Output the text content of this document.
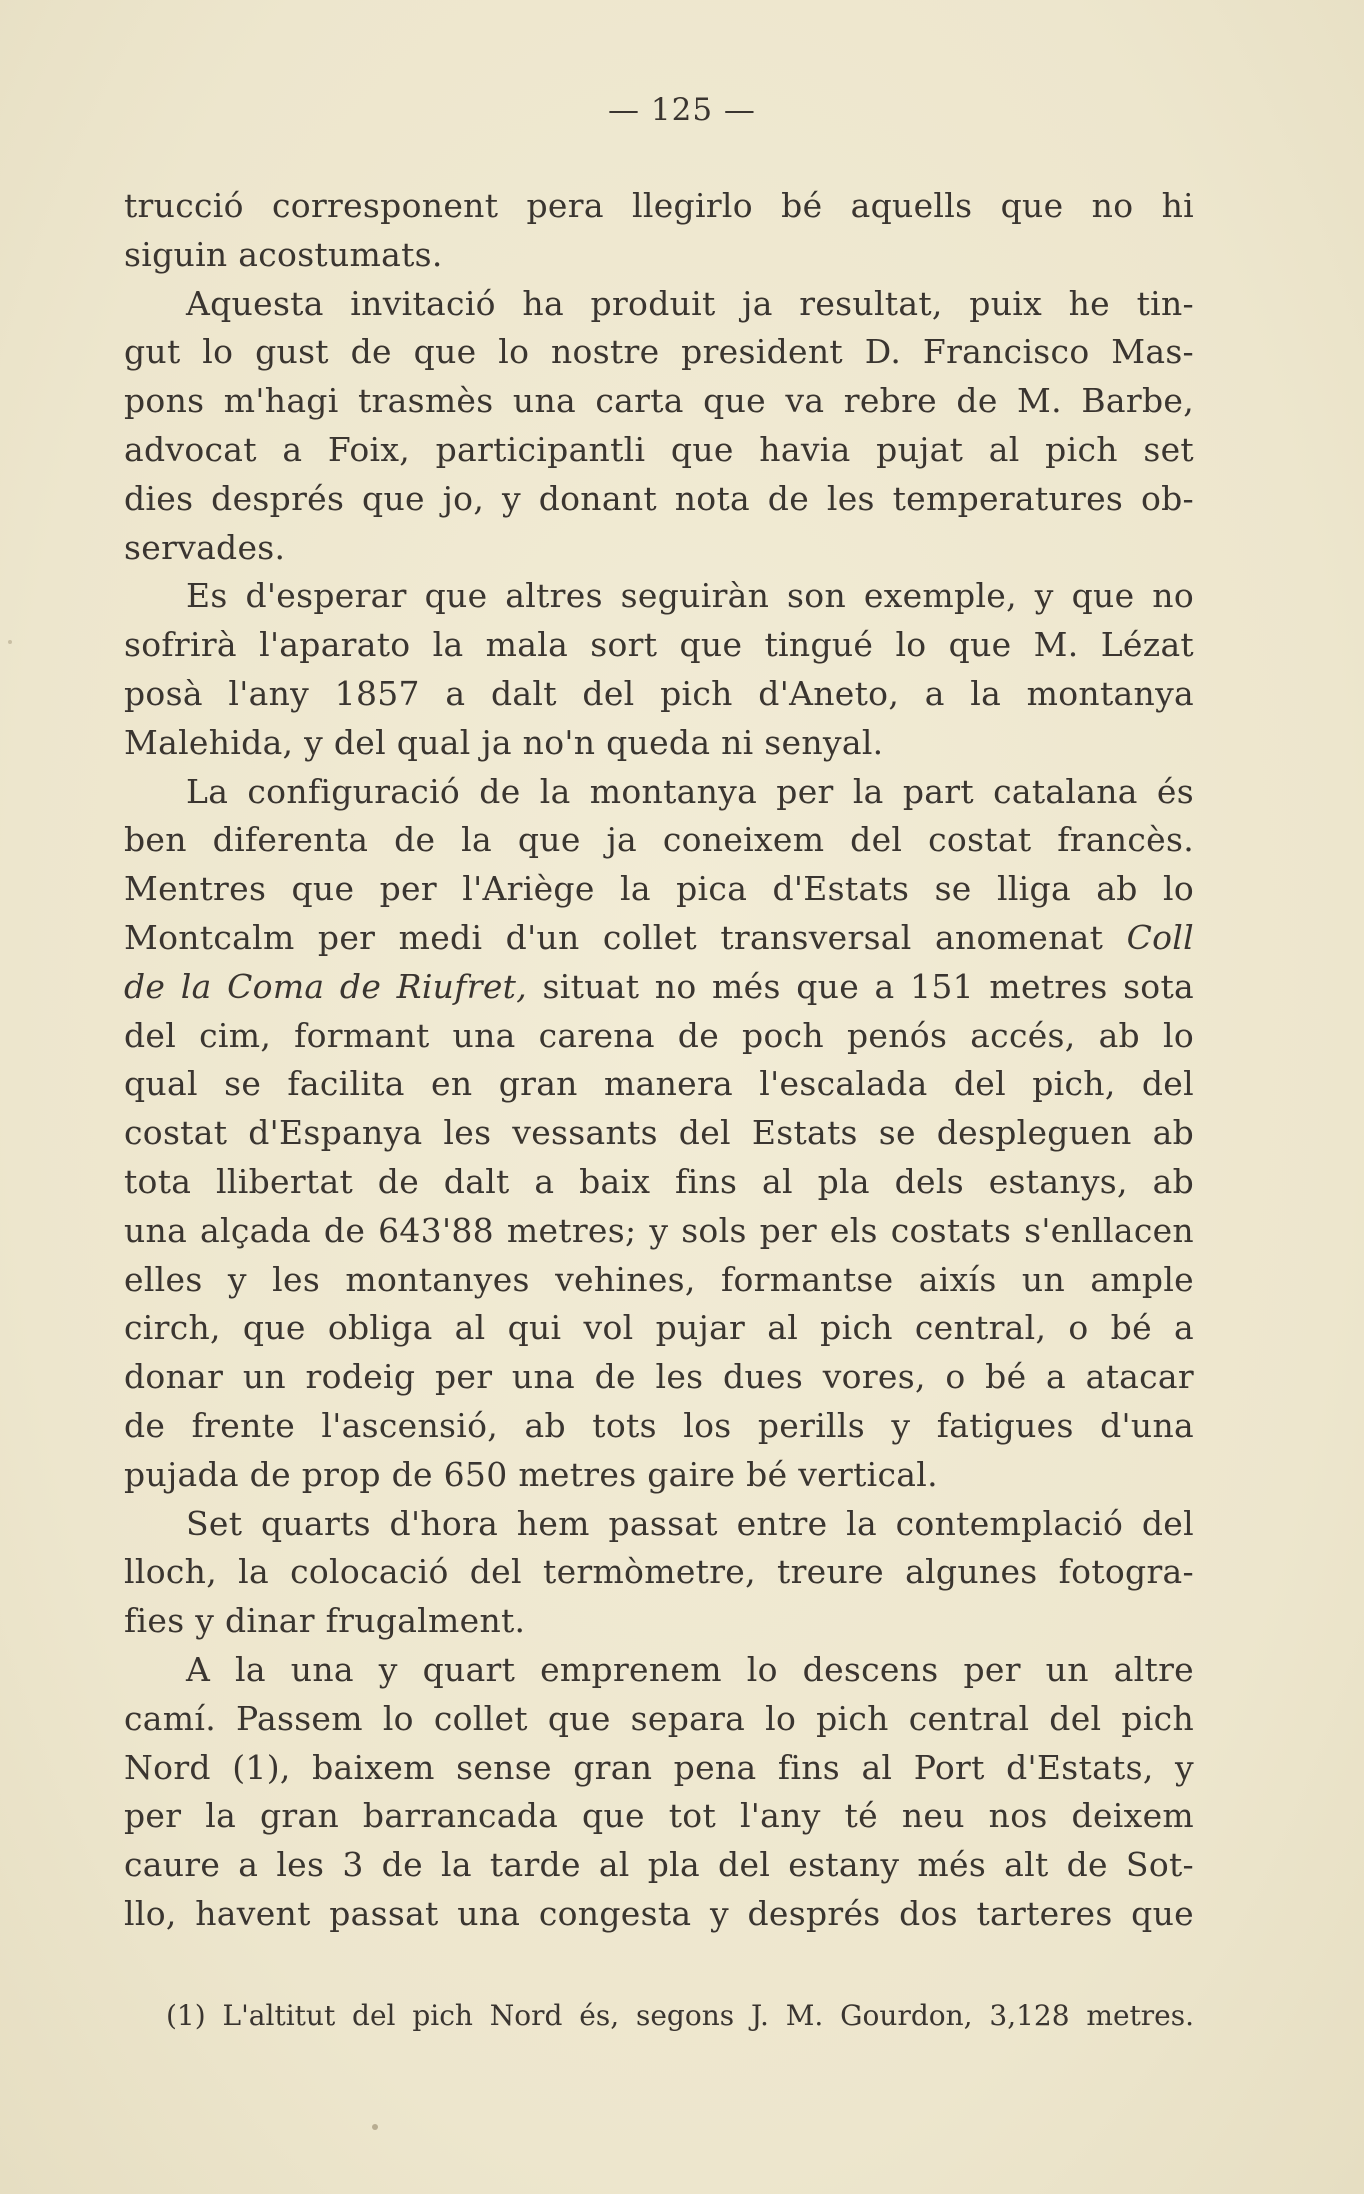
— 125 —
trucció corresponent pera llegirlo bé aquells que no hi
siguin acostumats.
Aquesta invitació ha produit ja resultat, puix he tin-
gut lo gust de que lo nostre president D. Francisco Mas-
pons m'hagi trasmès una carta que va rebre de M. Barbe,
advocat a Foix, participantli que havia pujat al pich set
dies després que jo, y donant nota de les temperatures ob-
servades.
Es d'esperar que altres seguiràn son exemple, y que no
sofrirà l'aparato la mala sort que tingué lo que M. Lézat
posà l'any 1857 a dalt del pich d'Aneto, a la montanya
Malehida, y del qual ja no'n queda ni senyal.
La configuració de la montanya per la part catalana és
ben diferenta de la que ja coneixem del costat francès.
Mentres que per l'Ariège la pica d'Estats se lliga ab lo
Montcalm per medi d'un collet transversal anomenat Coll
de la Coma de Riufret, situat no més que a 151 metres sota
del cim, formant una carena de poch penós accés, ab lo
qual se facilita en gran manera l'escalada del pich, del
costat d'Espanya les vessants del Estats se despleguen ab
tota llibertat de dalt a baix fins al pla dels estanys, ab
una alçada de 643'88 metres; y sols per els costats s'enllacen
elles y les montanyes vehines, formantse aixís un ample
circh, que obliga al qui vol pujar al pich central, o bé a
donar un rodeig per una de les dues vores, o bé a atacar
de frente l'ascensió, ab tots los perills y fatigues d'una
pujada de prop de 650 metres gaire bé vertical.
Set quarts d'hora hem passat entre la contemplació del
lloch, la colocació del termòmetre, treure algunes fotogra-
fies y dinar frugalment.
A la una y quart emprenem lo descens per un altre
camí. Passem lo collet que separa lo pich central del pich
Nord (1), baixem sense gran pena fins al Port d'Estats, y
per la gran barrancada que tot l'any té neu nos deixem
caure a les 3 de la tarde al pla del estany més alt de Sot-
llo, havent passat una congesta y després dos tarteres que
(1) L'altitut del pich Nord és, segons J. M. Gourdon, 3,128 metres.
